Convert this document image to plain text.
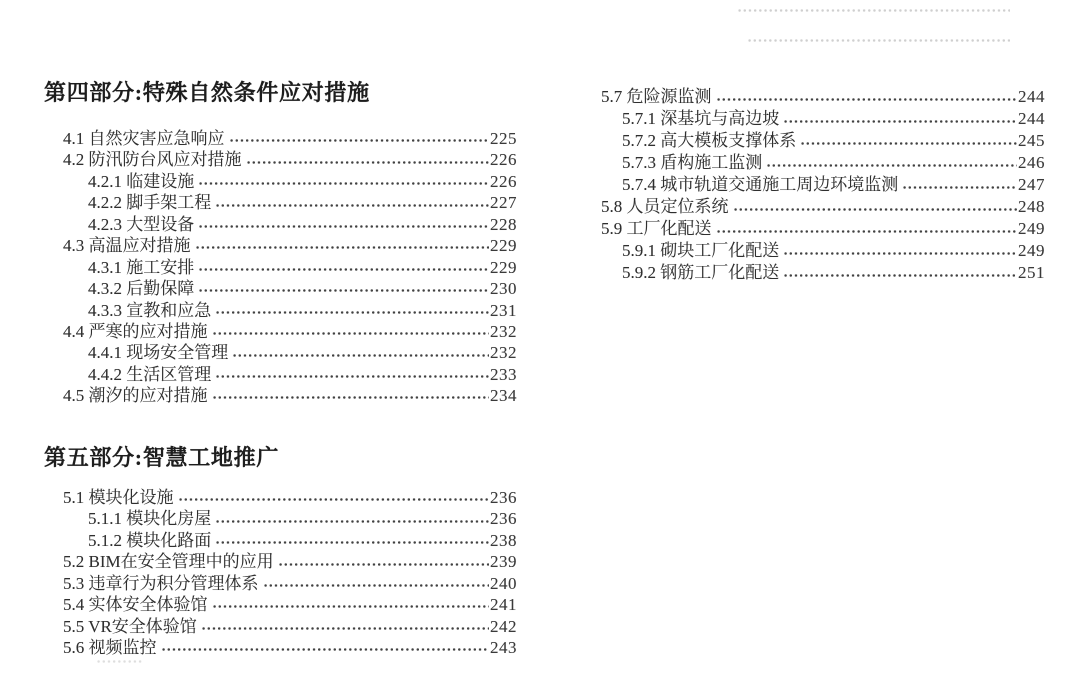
第四部分:特殊自然条件应对措施
4.1 自然灾害应急响应	225
4.2 防汛防台风应对措施	226
4.2.1 临建设施	226
4.2.2 脚手架工程	227
4.2.3 大型设备	228
4.3 高温应对措施	229
4.3.1 施工安排	229
4.3.2 后勤保障	230
4.3.3 宣教和应急	231
4.4 严寒的应对措施	232
4.4.1 现场安全管理	232
4.4.2 生活区管理	233
4.5 潮汐的应对措施	234
第五部分:智慧工地推广
5.1 模块化设施	236
5.1.1 模块化房屋	236
5.1.2 模块化路面	238
5.2 BIM在安全管理中的应用	239
5.3 违章行为积分管理体系	240
5.4 实体安全体验馆	241
5.5 VR安全体验馆	242
5.6 视频监控	243
5.7 危险源监测	244
5.7.1 深基坑与高边坡	244
5.7.2 高大模板支撑体系	245
5.7.3 盾构施工监测	246
5.7.4 城市轨道交通施工周边环境监测	247
5.8 人员定位系统	248
5.9 工厂化配送	249
5.9.1 砌块工厂化配送	249
5.9.2 钢筋工厂化配送	251
